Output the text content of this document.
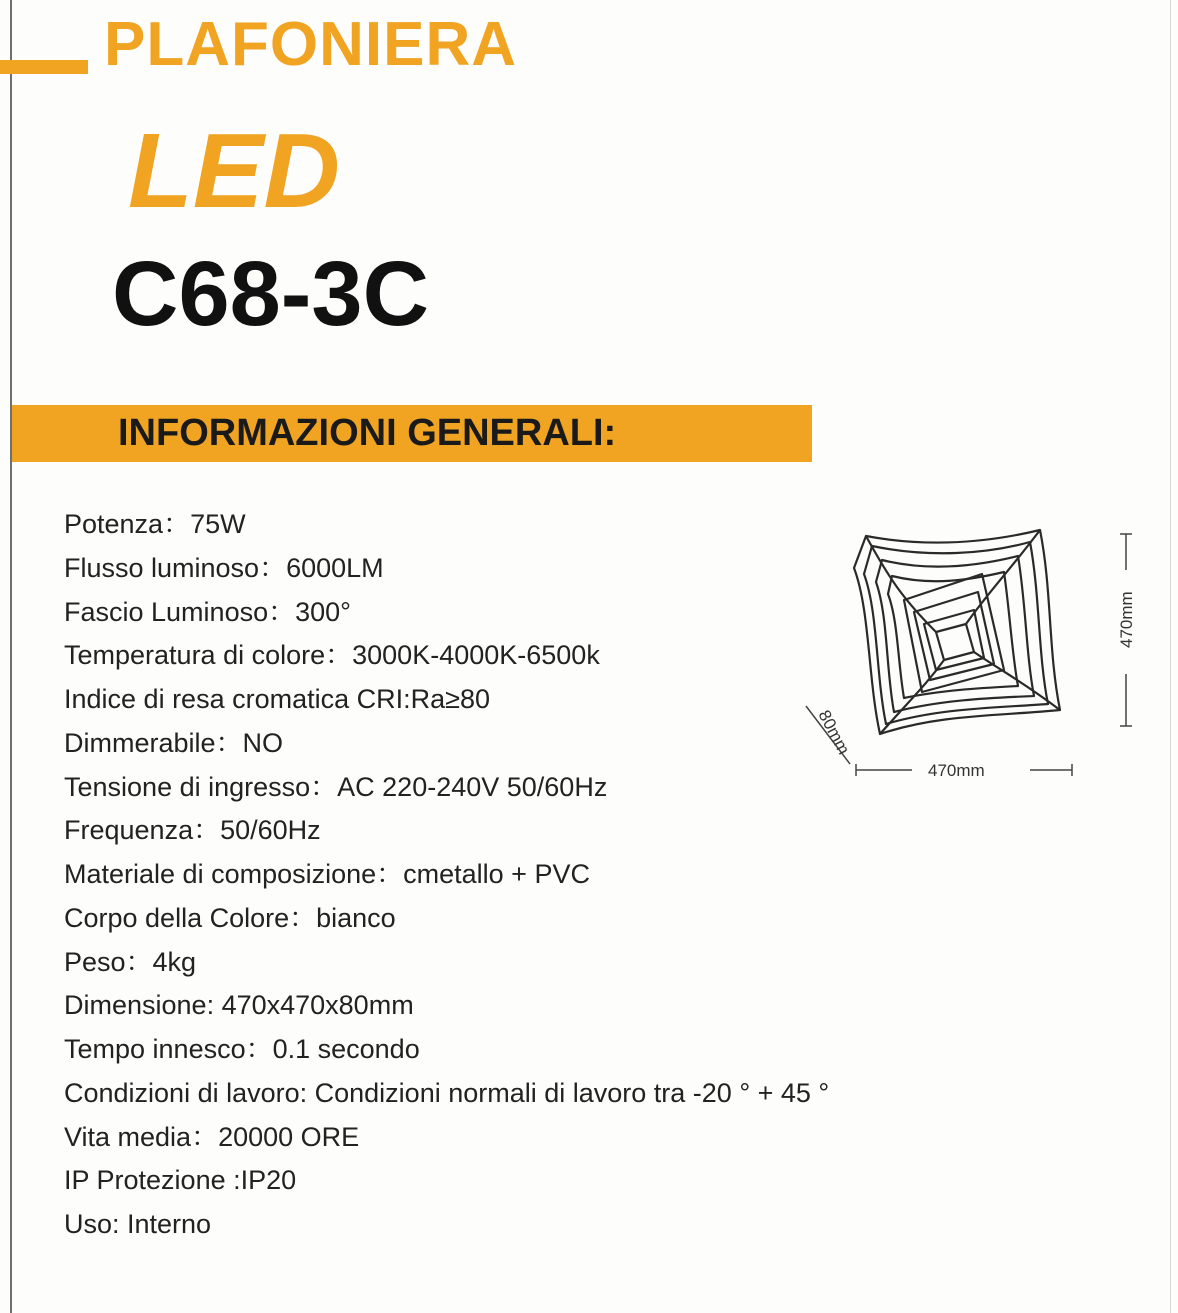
PLAFONIERA
LED
C68-3C
INFORMAZIONI GENERALI:
Potenza：75W
Flusso luminoso：6000LM
Fascio Luminoso：300°
Temperatura di colore：3000K-4000K-6500k
Indice di resa cromatica CRI:Ra≥80
Dimmerabile：NO
Tensione di ingresso：AC 220-240V 50/60Hz
Frequenza：50/60Hz
Materiale di composizione：cmetallo + PVC
Corpo della Colore：bianco
Peso：4kg
Dimensione: 470x470x80mm
Tempo innesco：0.1 secondo
Condizioni di lavoro: Condizioni normali di lavoro tra -20 ° + 45 °
Vita media：20000 ORE
IP Protezione :IP20
Uso: Interno
470mm
470mm
80mm
